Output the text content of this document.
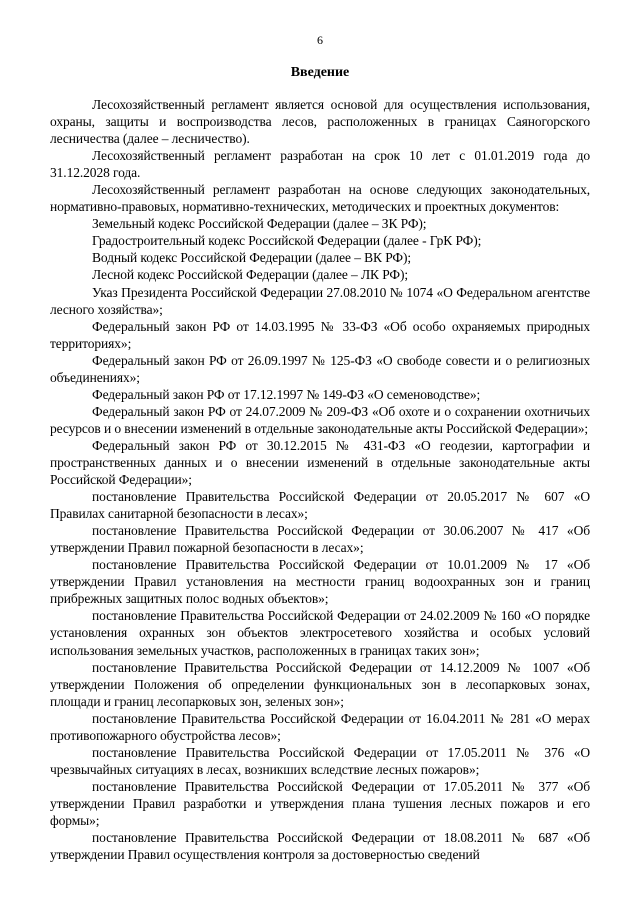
6
Введение

Лесохозяйственный регламент является основой для осуществления использования, охраны, защиты и воспроизводства лесов, расположенных в границах Саяногорского лесничества (далее – лесничество).

Лесохозяйственный регламент разработан на срок 10 лет с 01.01.2019 года до 31.12.2028 года.

Лесохозяйственный регламент разработан на основе следующих законодательных, нормативно-правовых, нормативно-технических, методических и проектных документов:

Земельный кодекс Российской Федерации (далее – ЗК РФ);

Градостроительный кодекс Российской Федерации (далее - ГрК РФ);

Водный кодекс Российской Федерации (далее – ВК РФ);

Лесной кодекс Российской Федерации (далее – ЛК РФ);

Указ Президента Российской Федерации 27.08.2010 № 1074 «О Федеральном агентстве лесного хозяйства»;

Федеральный закон РФ от 14.03.1995 № 33-ФЗ «Об особо охраняемых природных территориях»;

Федеральный закон РФ от 26.09.1997 № 125-ФЗ «О свободе совести и о религиозных объединениях»;

Федеральный закон РФ от 17.12.1997 № 149-ФЗ «О семеноводстве»;

Федеральный закон РФ от 24.07.2009 № 209-ФЗ «Об охоте и о сохранении охотничьих ресурсов и о внесении изменений в отдельные законодательные акты Российской Федерации»;

Федеральный закон РФ от 30.12.2015 № 431-ФЗ «О геодезии, картографии и пространственных данных и о внесении изменений в отдельные законодательные акты Российской Федерации»;

постановление Правительства Российской Федерации от 20.05.2017 № 607 «О Правилах санитарной безопасности в лесах»;

постановление Правительства Российской Федерации от 30.06.2007 № 417 «Об утверждении Правил пожарной безопасности в лесах»;

постановление Правительства Российской Федерации от 10.01.2009 № 17 «Об утверждении Правил установления на местности границ водоохранных зон и границ прибрежных защитных полос водных объектов»;

постановление Правительства Российской Федерации от 24.02.2009 № 160 «О порядке установления охранных зон объектов электросетевого хозяйства и особых условий использования земельных участков, расположенных в границах таких зон»;

постановление Правительства Российской Федерации от 14.12.2009 № 1007 «Об утверждении Положения об определении функциональных зон в лесопарковых зонах, площади и границ лесопарковых зон, зеленых зон»;

постановление Правительства Российской Федерации от 16.04.2011 № 281 «О мерах противопожарного обустройства лесов»;

постановление Правительства Российской Федерации от 17.05.2011 № 376 «О чрезвычайных ситуациях в лесах, возникших вследствие лесных пожаров»;

постановление Правительства Российской Федерации от 17.05.2011 № 377 «Об утверждении Правил разработки и утверждения плана тушения лесных пожаров и его формы»;

постановление Правительства Российской Федерации от 18.08.2011 № 687 «Об утверждении Правил осуществления контроля за достоверностью сведений
